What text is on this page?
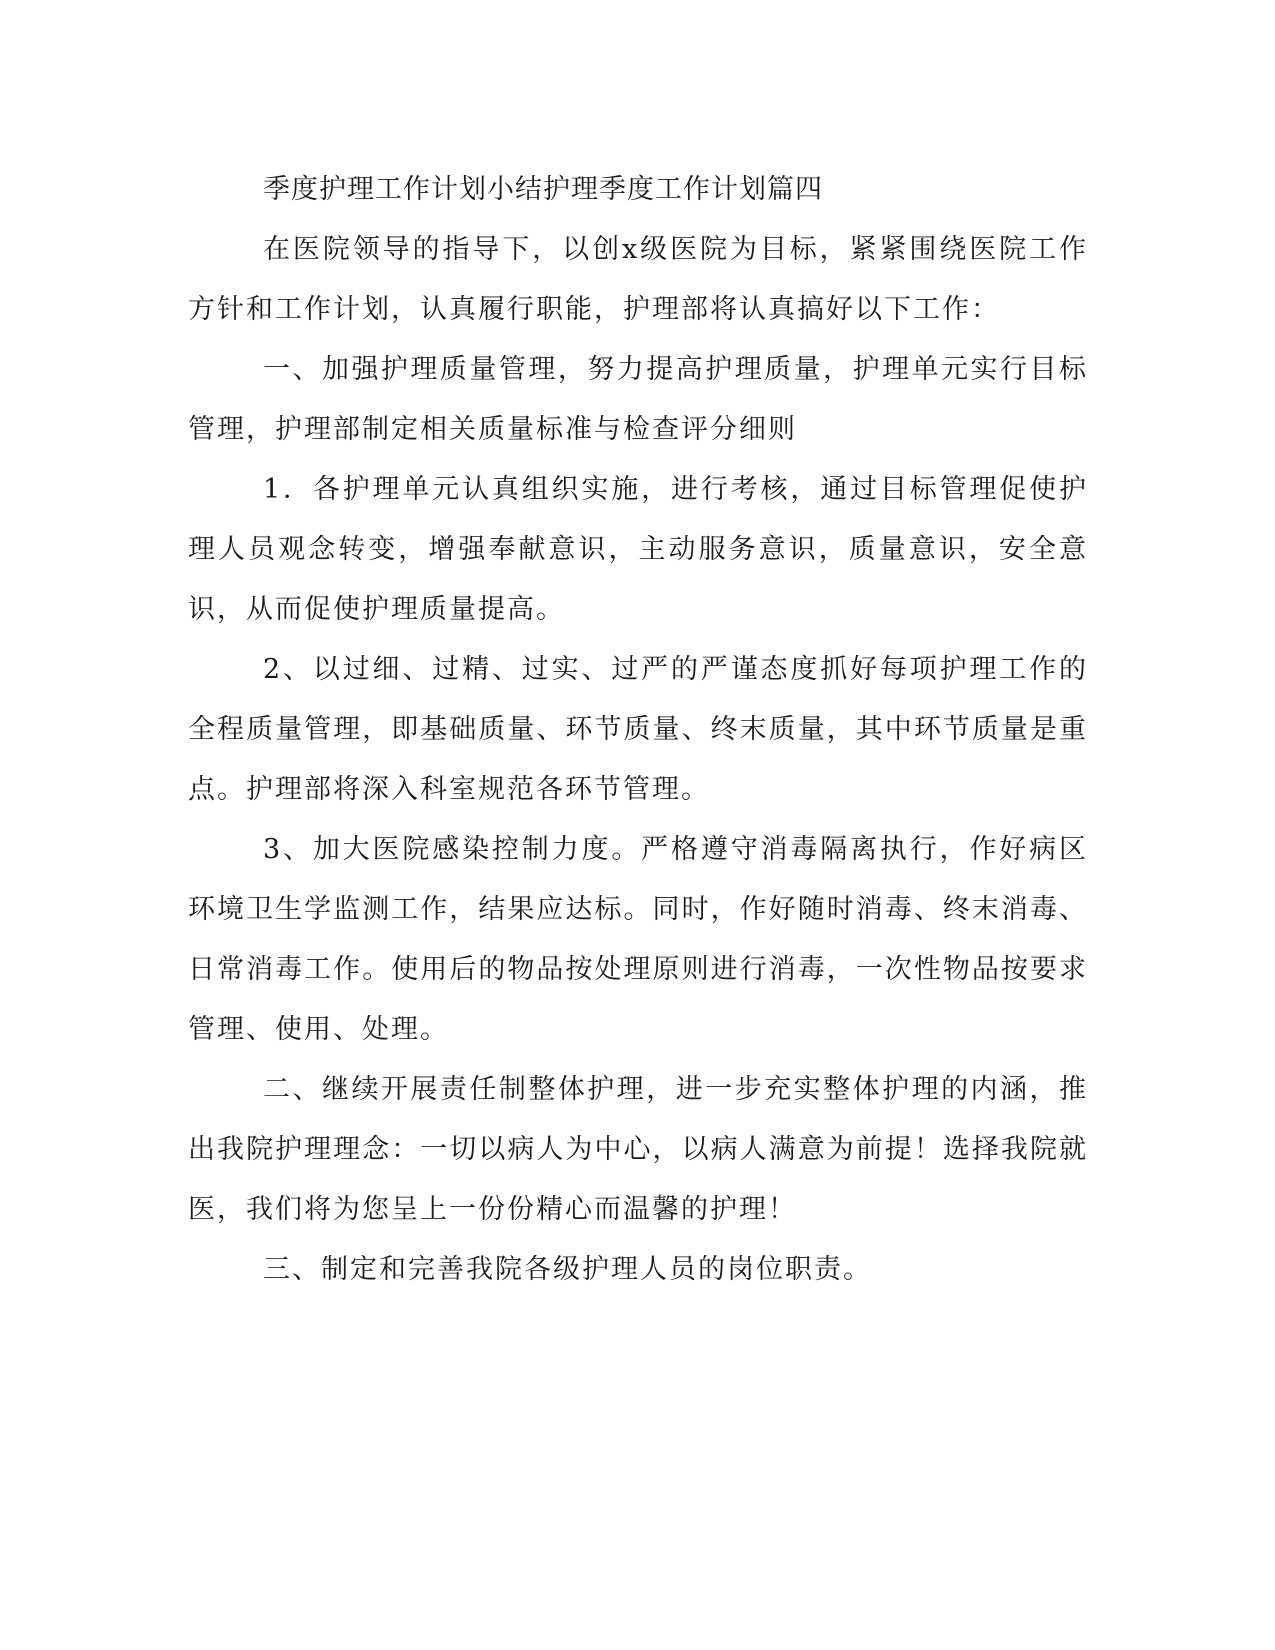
季度护理工作计划小结护理季度工作计划篇四

在医院领导的指导下，以创x级医院为目标，紧紧围绕医院工作方针和工作计划，认真履行职能，护理部将认真搞好以下工作：

一、加强护理质量管理，努力提高护理质量，护理单元实行目标管理，护理部制定相关质量标准与检查评分细则

1．各护理单元认真组织实施，进行考核，通过目标管理促使护理人员观念转变，增强奉献意识，主动服务意识，质量意识，安全意识，从而促使护理质量提高。

2、以过细、过精、过实、过严的严谨态度抓好每项护理工作的全程质量管理，即基础质量、环节质量、终末质量，其中环节质量是重点。护理部将深入科室规范各环节管理。

3、加大医院感染控制力度。严格遵守消毒隔离执行，作好病区环境卫生学监测工作，结果应达标。同时，作好随时消毒、终末消毒、日常消毒工作。使用后的物品按处理原则进行消毒，一次性物品按要求管理、使用、处理。

二、继续开展责任制整体护理，进一步充实整体护理的内涵，推出我院护理理念：一切以病人为中心，以病人满意为前提！选择我院就医，我们将为您呈上一份份精心而温馨的护理！

三、制定和完善我院各级护理人员的岗位职责。
